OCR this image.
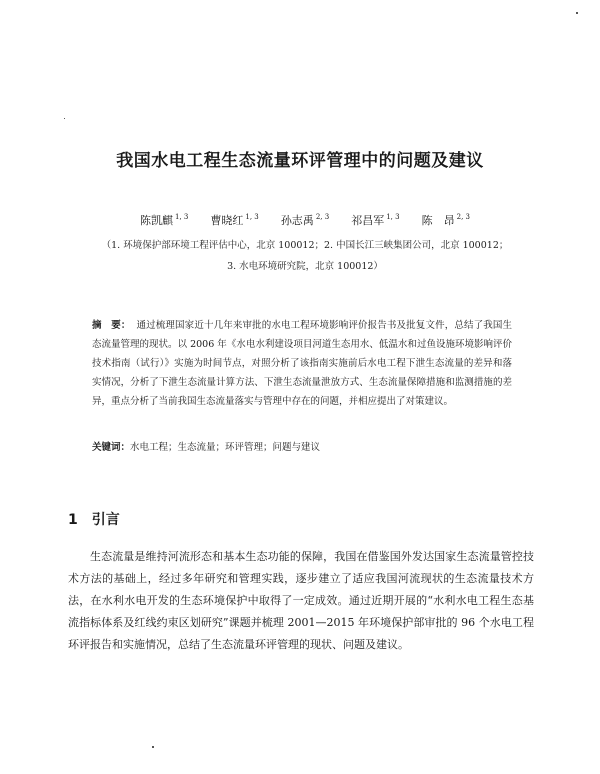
我国水电工程生态流量环评管理中的问题及建议
陈凯麒 $^{1, 3}$ 曹晓红 $^{1, 3}$ 孙志禹 $^{2, 3}$ 祁昌军 $^{1, 3}$ 陈　昂 $^{2, 3}$
（1. 环境保护部环境工程评估中心，北京 100012；2. 中国长江三峡集团公司，北京 100012；
3. 水电环境研究院，北京 100012）

摘　要： 通过梳理国家近十几年来审批的水电工程环境影响评价报告书及批复文件，总结了我国生态流量管理的现状。以 2006 年《水电水利建设项目河道生态用水、低温水和过鱼设施环境影响评价技术指南（试行）》实施为时间节点，对照分析了该指南实施前后水电工程下泄生态流量的差异和落实情况，分析了下泄生态流量计算方法、下泄生态流量泄放方式、生态流量保障措施和监测措施的差异，重点分析了当前我国生态流量落实与管理中存在的问题，并相应提出了对策建议。

关键词：水电工程；生态流量；环评管理；问题与建议

1 引言

生态流量是维持河流形态和基本生态功能的保障，我国在借鉴国外发达国家生态流量管控技术方法的基础上，经过多年研究和管理实践，逐步建立了适应我国河流现状的生态流量技术方法，在水利水电开发的生态环境保护中取得了一定成效。通过近期开展的“水利水电工程生态基流指标体系及红线约束区划研究”课题并梳理 2001—2015 年环境保护部审批的 96 个水电工程环评报告和实施情况，总结了生态流量环评管理的现状、问题及建议。
